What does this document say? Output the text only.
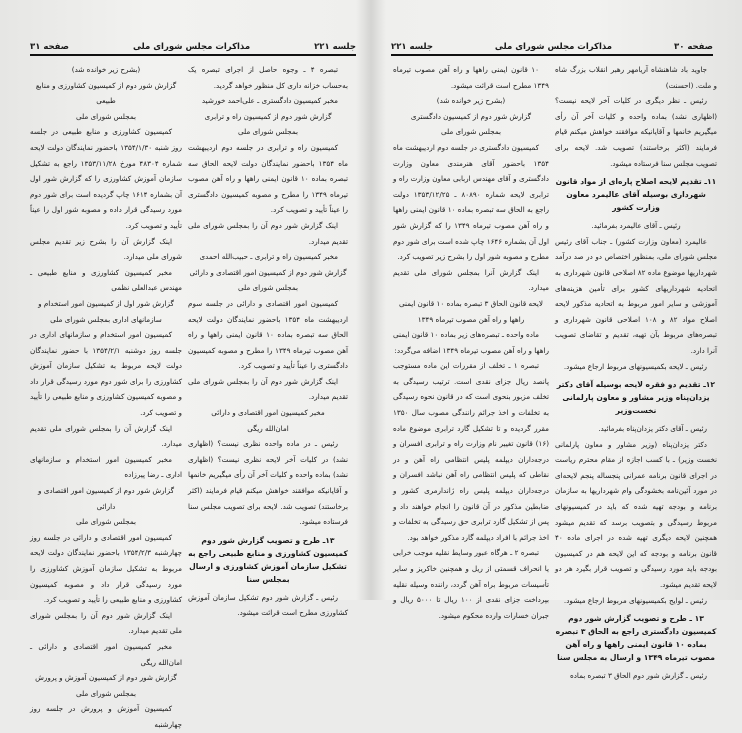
جلسه ۲۲۱
مذاکرات مجلس شورای ملی
صفحه ۳۱
تبصره ۴ ـ وجوه حاصل از اجرای تبصره یک به‌حساب خزانه داری کل منظور خواهد گردید.
مخبر کمیسیون دادگستری ـ علی‌احمد خورشید
گزارش شور دوم از کمیسیون راه و ترابری
بمجلس شورای ملی
کمیسیون راه و ترابری در جلسه دوم اردیبهشت ماه ۱۳۵۴ باحضور نمایندگان دولت لایحه الحاق سه تبصره بماده ۱۰ قانون ایمنی راهها و راه آهن مصوب تیرماه ۱۳۴۹ را مطرح و مصوبه کمیسیون دادگستری را عیناً تأیید و تصویب کرد.
اینک گزارش شور دوم آن را بمجلس شورای ملی تقدیم میدارد.
مخبر کمیسیون راه و ترابری ـ حبیب‌الله احمدی
گزارش شور دوم از کمیسیون امور اقتصادی و دارائی
بمجلس شورای ملی
کمیسیون امور اقتصادی و دارائی در جلسه سوم اردیبهشت ماه ۱۳۵۴ باحضور نمایندگان دولت لایحه الحاق سه تبصره بماده ۱۰ قانون ایمنی راهها و راه آهن مصوب تیرماه ۱۳۴۹ را مطرح و مصوبه کمیسیون دادگستری را عیناً تأیید و تصویب کرد.
اینک گزارش شور دوم آن را بمجلس شورای ملی تقدیم میدارد.
مخبر کمیسیون امور اقتصادی و دارائی
امان‌الله ریگی
رئیس ـ در ماده واحده نظری نیست؟ (اظهاری نشد) در کلیات آخر لایحه نظری نیست؟ (اظهاری نشد) بماده واحده و کلیات آخر آن رأی میگیریم خانمها و آقایانیکه موافقند خواهش میکنم قیام فرمایند (اکثر برخاستند) تصویب شد. لایحه برای تصویب مجلس سنا فرستاده میشود.
۱۳ـ طرح و تصویب گزارش شور دوم کمیسیون کشاورزی و منابع طبیعی راجع به تشکیل سازمان آموزش کشاورزی و ارسال بمجلس سنا
رئیس ـ گزارش شور دوم تشکیل سازمان آموزش کشاورزی مطرح است قرائت میشود.
(بشرح زیر خوانده شد)
گزارش شور دوم از کمیسیون کشاورزی و منابع طبیعی
بمجلس شورای ملی
کمیسیون کشاورزی و منابع طبیعی در جلسه روز شنبه ۱۳۵۴/۱/۳۰ باحضور نمایندگان دولت لایحه شماره ۴۸۳۰۴ مورخ ۱۳۵۳/۱۱/۲۸ راجع به تشکیل سازمان آموزش کشاورزی را که گزارش شور اول آن بشماره ۱۶۱۴ چاپ گردیده است برای شور دوم مورد رسیدگی قرار داده و مصوبه شور اول را عیناً تأیید و تصویب کرد.
اینک گزارش آن را بشرح زیر تقدیم مجلس شورای ملی میدارد.
مخبر کمیسیون کشاورزی و منابع طبیعی ـ مهندس عبدالعلی نظمی
گزارش شور اول از کمیسیون امور استخدام و سازمانهای اداری بمجلس شورای ملی
کمیسیون امور استخدام و سازمانهای اداری در جلسه روز دوشنبه ۱۳۵۴/۲/۱ با حضور نمایندگان دولت لایحه مربوط به تشکیل سازمان آموزش کشاورزی را برای شور دوم مورد رسیدگی قرار داد و مصوبه کمیسیون کشاورزی و منابع طبیعی را تأیید و تصویب کرد.
اینک گزارش آن را بمجلس شورای ملی تقدیم میدارد.
مخبر کمیسیون امور استخدام و سازمانهای اداری ـ رضا پیرزاده
گزارش شور دوم از کمیسیون امور اقتصادی و دارائی
بمجلس شورای ملی
کمیسیون امور اقتصادی و دارائی در جلسه روز چهارشنبه ۱۳۵۴/۲/۳ باحضور نمایندگان دولت لایحه مربوط به تشکیل سازمان آموزش کشاورزی را مورد رسیدگی قرار داد و مصوبه کمیسیون کشاورزی و منابع طبیعی را تأیید و تصویب کرد.
اینک گزارش شور دوم آن را بمجلس شورای ملی تقدیم میدارد.
مخبر کمیسیون امور اقتصادی و دارائی ـ امان‌الله ریگی
گزارش شور دوم از کمیسیون آموزش و پرورش
بمجلس شورای ملی
کمیسیون آموزش و پرورش در جلسه روز چهارشنبه
صفحه ۳۰
مذاکرات مجلس شورای ملی
جلسه ۲۲۱
جاوید باد شاهنشاه آریامهر رهبر انقلاب بزرگ شاه و ملت. (احسنت)
رئیس ـ نظر دیگری در کلیات آخر لایحه نیست؟ (اظهاری نشد) بماده واحده و کلیات آخر آن رأی میگیریم خانمها و آقایانیکه موافقند خواهش میکنم قیام فرمایند (اکثر برخاستند) تصویب شد. لایحه برای تصویب مجلس سنا فرستاده میشود.
۱۱ـ تقدیم لایحه اصلاح پاره‌ای از مواد قانون شهرداری بوسیله آقای عالیمرد معاون وزارت کشور
رئیس ـ آقای عالیمرد بفرمائید.
عالیمرد (معاون وزارت کشور) ـ جناب آقای رئیس مجلس شورای ملی، بمنظور اختصاص دو در صد درآمد شهرداریها موضوع ماده ۸۲ اصلاحی قانون شهرداری به اتحادیه شهرداریهای کشور برای تأمین هزینه‌های آموزشی و سایر امور مربوط به اتحادیه مذکور لایحه اصلاح مواد ۸۲ و ۱۰۸ اصلاحی قانون شهرداری و تبصره‌های مربوط بآن تهیه، تقدیم و تقاضای تصویب آنرا دارد.
رئیس ـ لایحه بکمیسیونهای مربوط ارجاع میشود.
۱۲ـ تقدیم دو فقره لایحه بوسیله آقای دکتر یزدان‌پناه وزیر مشاور و معاون پارلمانی نخست‌وزیر
رئیس ـ آقای دکتر یزدان‌پناه بفرمائید.
دکتر یزدان‌پناه (وزیر مشاور و معاون پارلمانی نخست وزیر) ـ با کسب اجازه از مقام محترم ریاست در اجرای قانون برنامه عمرانی پنجساله پنجم لایحه‌ای در مورد آئین‌نامه بخشودگی وام شهرداریها به سازمان برنامه و بودجه تهیه شده که باید در کمیسیونهای مربوط رسیدگی و بتصویب برسد که تقدیم میشود همچنین لایحه دیگری تهیه شده در اجرای ماده ۴۰ قانون برنامه و بودجه که این لایحه هم در کمیسیون بودجه باید مورد رسیدگی و تصویب قرار بگیرد هر دو لایحه تقدیم میشود.
رئیس ـ لوایح بکمیسیونهای مربوط ارجاع میشود.
۱۳ ـ طرح و تصویب گزارش شور دوم کمیسیون دادگستری راجع به الحاق ۳ تبصره بماده ۱۰ قانون ایمنی راهها و راه آهن مصوب تیرماه ۱۳۴۹ و ارسال به مجلس سنا
رئیس ـ گزارش شور دوم الحاق ۳ تبصره بماده
۱۰ قانون ایمنی راهها و راه آهن مصوب تیرماه ۱۳۴۹ مطرح است قرائت میشود.
(بشرح زیر خوانده شد)
گزارش شور دوم از کمیسیون دادگستری
بمجلس شورای ملی
کمیسیون دادگستری در جلسه دوم اردیبهشت ماه ۱۳۵۴ باحضور آقای هنرمندی معاون وزارت دادگستری و آقای مهندس اربابی معاون وزارت راه و ترابری لایحه شماره ۸۰۸۹۰ ـ ۱۳۵۳/۱۲/۲۵ دولت راجع به الحاق سه تبصره بماده ۱۰ قانون ایمنی راهها و راه آهن مصوب تیرماه ۱۳۴۹ را که گزارش شور اول آن بشماره ۱۶۴۶ چاپ شده است برای شور دوم مطرح و مصوبه شور اول را بشرح زیر تصویب کرد.
اینک گزارش آنرا بمجلس شورای ملی تقدیم میدارد.
لایحه قانون الحاق ۳ تبصره بماده ۱۰ قانون ایمنی راهها و راه آهن مصوب تیرماه ۱۳۴۹
ماده واحده ـ تبصره‌های زیر بماده ۱۰ قانون ایمنی راهها و راه آهن مصوب تیرماه ۱۳۴۹ اضافه می‌گردد:
تبصره ۱ ـ تخلف از مقررات این ماده مستوجب پانصد ریال جزای نقدی است. ترتیب رسیدگی به تخلف مزبور بنحوی است که در قانون نحوه رسیدگی به تخلفات و اخذ جرائم رانندگی مصوب سال ۱۳۵۰ مقرر گردیده و تا تشکیل گارد ترابری موضوع ماده (۱۶) قانون تغییر نام وزارت راه و ترابری افسران و درجه‌داران دیپلمه پلیس انتظامی راه آهن و در نقاطی که پلیس انتظامی راه آهن نباشد افسران و درجه‌داران دیپلمه پلیس راه ژاندارمری کشور و ضابطین مذکور در آن قانون را انجام خواهند داد و پس از تشکیل گارد ترابری حق رسیدگی به تخلفات و اخذ جرائم با افراد دیپلمه گارد مذکور خواهد بود.
تبصره ۲ ـ هرگاه عبور وسایط نقلیه موجب خرابی یا انحراف قسمتی از ریل و همچنین خاکریز و سایر تأسیسات مربوط براه آهن گردد، راننده وسیله نقلیه بپرداخت جزای نقدی از ۱۰۰ ریال تا ۵۰۰۰ ریال و جبران خسارات وارده محکوم میشود.
